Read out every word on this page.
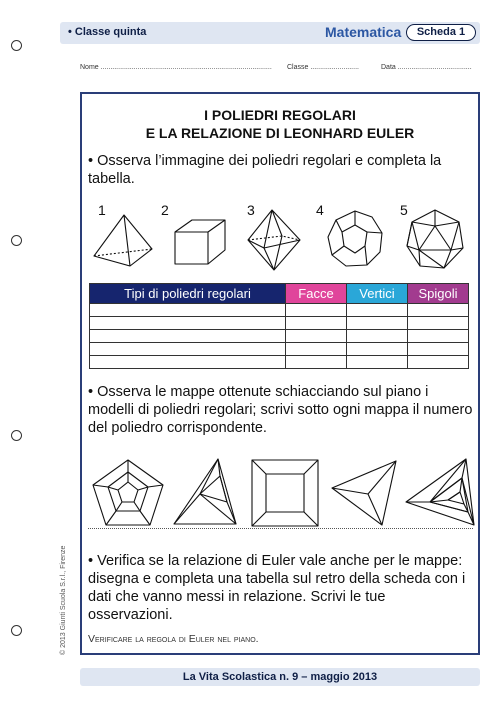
• Classe quinta	Matematica	Scheda 1
Nome ........................................................................................ Classe .........................	Data ......................................
I POLIEDRI REGOLARI
E LA RELAZIONE DI LEONHARD EULER
• Osserva l’immagine dei poliedri regolari e completa la tabella.
1	2	3	4	5
Tipi di poliedri regolari	Facce	Vertici	Spigoli

• Osserva le mappe ottenute schiacciando sul piano i modelli di poliedri regolari; scrivi sotto ogni mappa il numero del poliedro corrispondente.
• Verifica se la relazione di Euler vale anche per le mappe: disegna e completa una tabella sul retro della scheda con i dati che vanno messi in relazione. Scrivi le tue osservazioni.
Verificare la regola di Euler nel piano.
La Vita Scolastica n. 9 – maggio 2013
© 2013 Giunti Scuola S.r.l., Firenze
